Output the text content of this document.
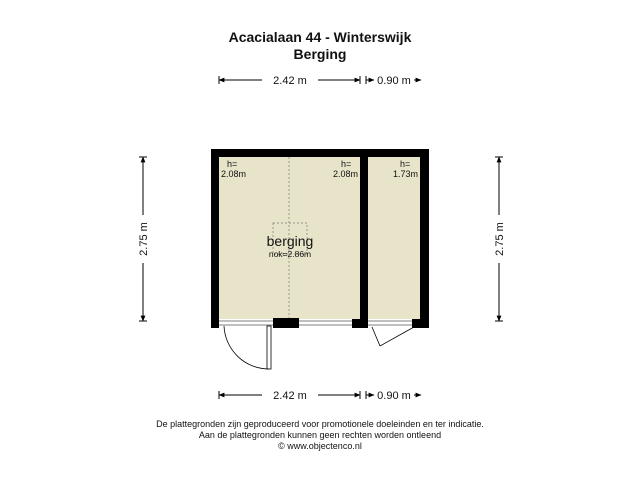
Acacialaan 44 - Winterswijk
Berging
2.42 m	0.90 m
2.75 m	2.75 m
h=
2.08m
h=
2.08m
h=
1.73m
berging
nok=2.86m
2.42 m	0.90 m
De plattegronden zijn geproduceerd voor promotionele doeleinden en ter indicatie.
Aan de plattegronden kunnen geen rechten worden ontleend
© www.objectenco.nl
